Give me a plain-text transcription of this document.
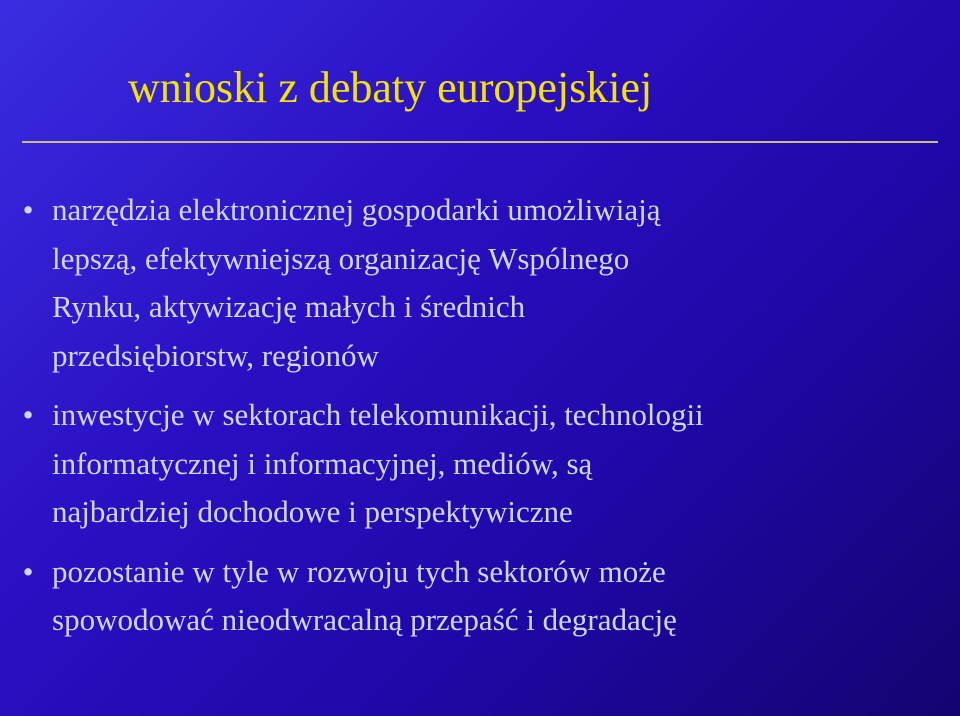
wnioski z debaty europejskiej
• narzędzia elektronicznej gospodarki umożliwiają
lepszą, efektywniejszą organizację Wspólnego
Rynku, aktywizację małych i średnich
przedsiębiorstw, regionów
• inwestycje w sektorach telekomunikacji, technologii
informatycznej i informacyjnej, mediów, są
najbardziej dochodowe i perspektywiczne
• pozostanie w tyle w rozwoju tych sektorów może
spowodować nieodwracalną przepaść i degradację
